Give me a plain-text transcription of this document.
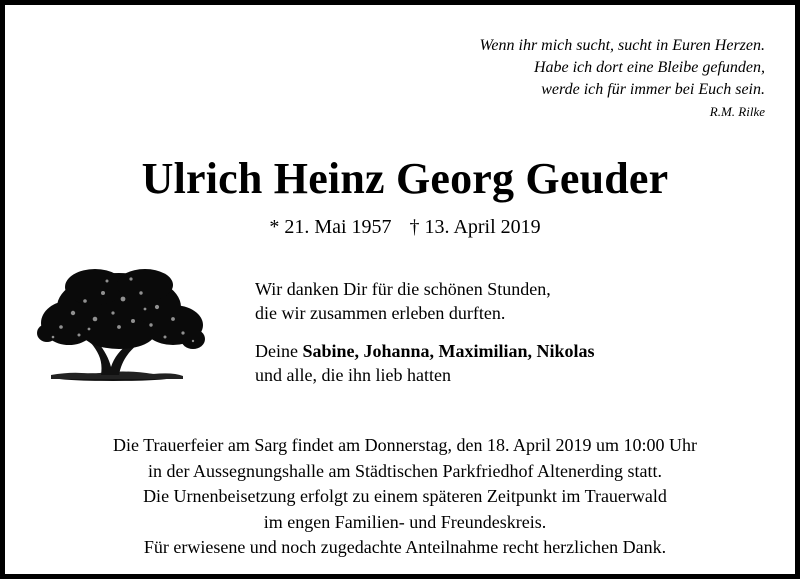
Wenn ihr mich sucht, sucht in Euren Herzen.
Habe ich dort eine Bleibe gefunden,
werde ich für immer bei Euch sein.
R.M. Rilke
Ulrich Heinz Georg Geuder
* 21. Mai 1957 † 13. April 2019
Wir danken Dir für die schönen Stunden,
die wir zusammen erleben durften.
Deine Sabine, Johanna, Maximilian, Nikolas
und alle, die ihn lieb hatten
Die Trauerfeier am Sarg findet am Donnerstag, den 18. April 2019 um 10:00 Uhr
in der Aussegnungshalle am Städtischen Parkfriedhof Altenerding statt.
Die Urnenbeisetzung erfolgt zu einem späteren Zeitpunkt im Trauerwald
im engen Familien- und Freundeskreis.
Für erwiesene und noch zugedachte Anteilnahme recht herzlichen Dank.
